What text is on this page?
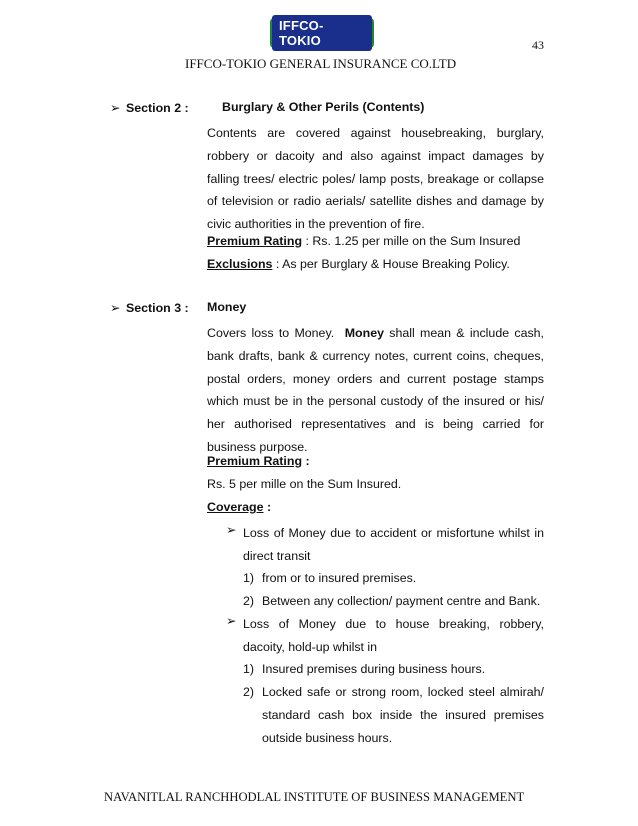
IFFCO-TOKIO	43
IFFCO-TOKIO GENERAL INSURANCE CO.LTD
➢ Section 2 :	Burglary & Other Perils (Contents)
Contents are covered against housebreaking, burglary, robbery or dacoity and also against impact damages by falling trees/ electric poles/ lamp posts, breakage or collapse of television or radio aerials/ satellite dishes and damage by civic authorities in the prevention of fire.
Premium Rating : Rs. 1.25 per mille on the Sum Insured
Exclusions : As per Burglary & House Breaking Policy.
➢ Section 3 : Money
Covers loss to Money. Money shall mean & include cash, bank drafts, bank & currency notes, current coins, cheques, postal orders, money orders and current postage stamps which must be in the personal custody of the insured or his/ her authorised representatives and is being carried for business purpose.
Premium Rating :
Rs. 5 per mille on the Sum Insured.
Coverage :
➢ Loss of Money due to accident or misfortune whilst in direct transit
1) from or to insured premises.
2) Between any collection/ payment centre and Bank.
➢ Loss of Money due to house breaking, robbery, dacoity, hold-up whilst in
1) Insured premises during business hours.
2) Locked safe or strong room, locked steel almirah/ standard cash box inside the insured premises outside business hours.
NAVANITLAL RANCHHODLAL INSTITUTE OF BUSINESS MANAGEMENT
